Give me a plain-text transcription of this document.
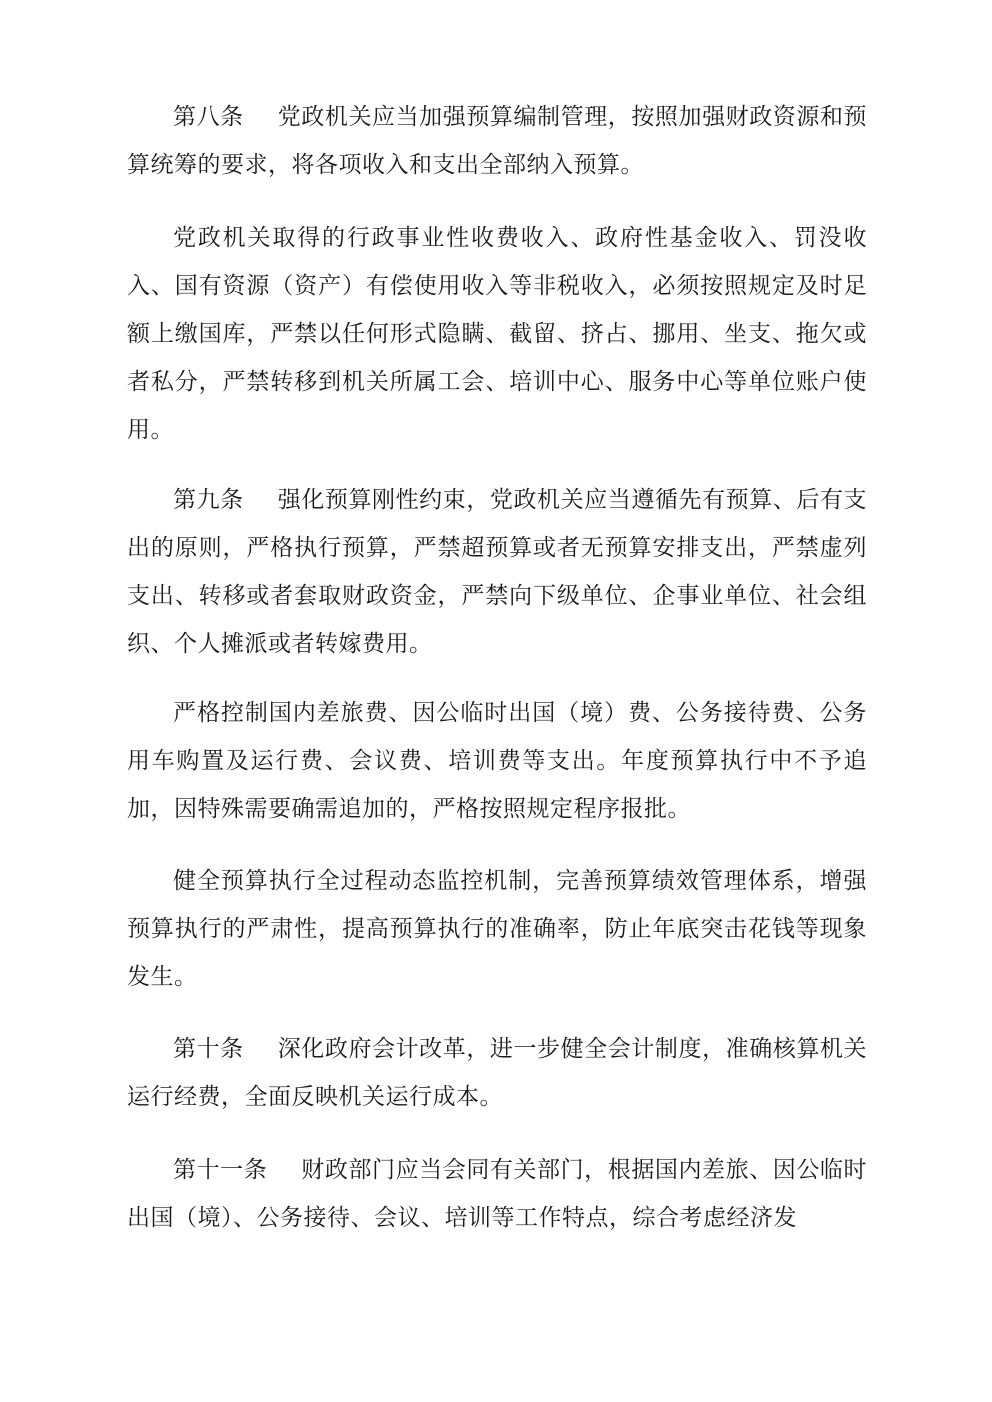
第八条 党政机关应当加强预算编制管理，按照加强财政资源和预算统筹的要求，将各项收入和支出全部纳入预算。

党政机关取得的行政事业性收费收入、政府性基金收入、罚没收入、国有资源（资产）有偿使用收入等非税收入，必须按照规定及时足额上缴国库，严禁以任何形式隐瞒、截留、挤占、挪用、坐支、拖欠或者私分，严禁转移到机关所属工会、培训中心、服务中心等单位账户使用。

第九条 强化预算刚性约束，党政机关应当遵循先有预算、后有支出的原则，严格执行预算，严禁超预算或者无预算安排支出，严禁虚列支出、转移或者套取财政资金，严禁向下级单位、企事业单位、社会组织、个人摊派或者转嫁费用。

严格控制国内差旅费、因公临时出国（境）费、公务接待费、公务用车购置及运行费、会议费、培训费等支出。年度预算执行中不予追加，因特殊需要确需追加的，严格按照规定程序报批。

健全预算执行全过程动态监控机制，完善预算绩效管理体系，增强预算执行的严肃性，提高预算执行的准确率，防止年底突击花钱等现象发生。

第十条 深化政府会计改革，进一步健全会计制度，准确核算机关运行经费，全面反映机关运行成本。

第十一条 财政部门应当会同有关部门，根据国内差旅、因公临时出国（境）、公务接待、会议、培训等工作特点，综合考虑经济发
